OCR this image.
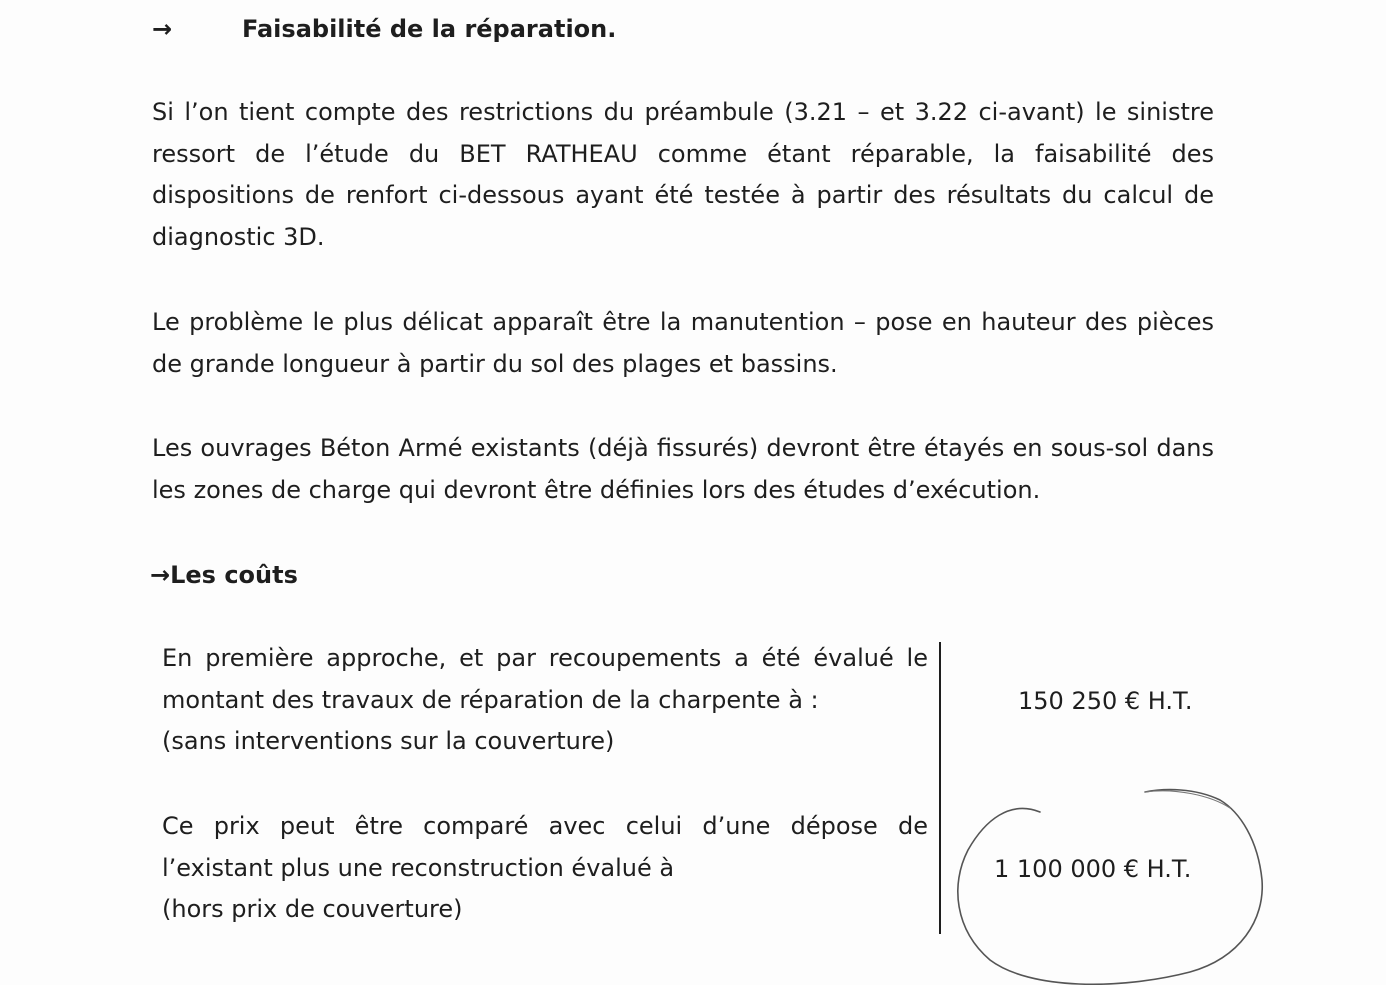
→	Faisabilité de la réparation.
Si l’on tient compte des restrictions du préambule (3.21 – et 3.22 ci-avant) le sinistre ressort de l’étude du BET RATHEAU comme étant réparable, la faisabilité des dispositions de renfort ci-dessous ayant été testée à partir des résultats du calcul de diagnostic 3D.
Le problème le plus délicat apparaît être la manutention – pose en hauteur des pièces de grande longueur à partir du sol des plages et bassins.
Les ouvrages Béton Armé existants (déjà fissurés) devront être étayés en sous-sol dans les zones de charge qui devront être définies lors des études d’exécution.
→Les coûts
En première approche, et par recoupements a été évalué le montant des travaux de réparation de la charpente à :
(sans interventions sur la couverture)
150 250 € H.T.
Ce prix peut être comparé avec celui d’une dépose de l’existant plus une reconstruction évalué à
(hors prix de couverture)
1 100 000 € H.T.
